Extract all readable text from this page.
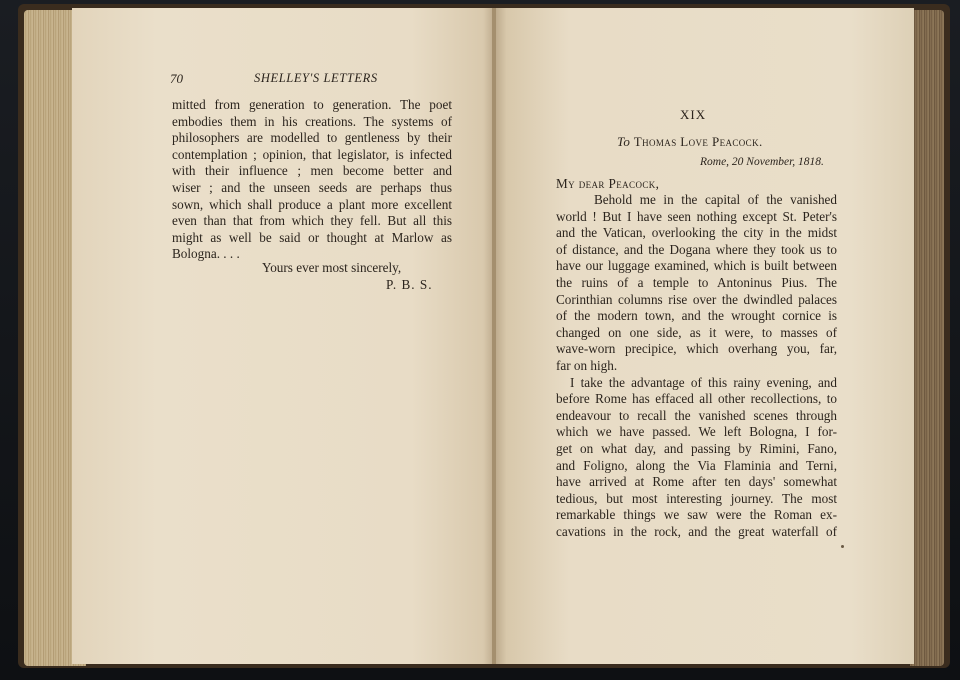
70	SHELLEY'S LETTERS
mitted from generation to generation. The poet
embodies them in his creations. The systems of
philosophers are modelled to gentleness by their
contemplation ; opinion, that legislator, is infected
with their influence ; men become better and
wiser ; and the unseen seeds are perhaps thus
sown, which shall produce a plant more excellent
even than that from which they fell. But all this
might as well be said or thought at Marlow as
Bologna. . . .
Yours ever most sincerely,
P. B. S.
XIX
To Thomas Love Peacock.
Rome, 20 November, 1818.
My dear Peacock,
Behold me in the capital of the vanished
world ! But I have seen nothing except St. Peter's
and the Vatican, overlooking the city in the midst
of distance, and the Dogana where they took us to
have our luggage examined, which is built between
the ruins of a temple to Antoninus Pius. The
Corinthian columns rise over the dwindled palaces
of the modern town, and the wrought cornice is
changed on one side, as it were, to masses of
wave-worn precipice, which overhang you, far,
far on high.
I take the advantage of this rainy evening, and
before Rome has effaced all other recollections, to
endeavour to recall the vanished scenes through
which we have passed. We left Bologna, I for-
get on what day, and passing by Rimini, Fano,
and Foligno, along the Via Flaminia and Terni,
have arrived at Rome after ten days' somewhat
tedious, but most interesting journey. The most
remarkable things we saw were the Roman ex-
cavations in the rock, and the great waterfall of
